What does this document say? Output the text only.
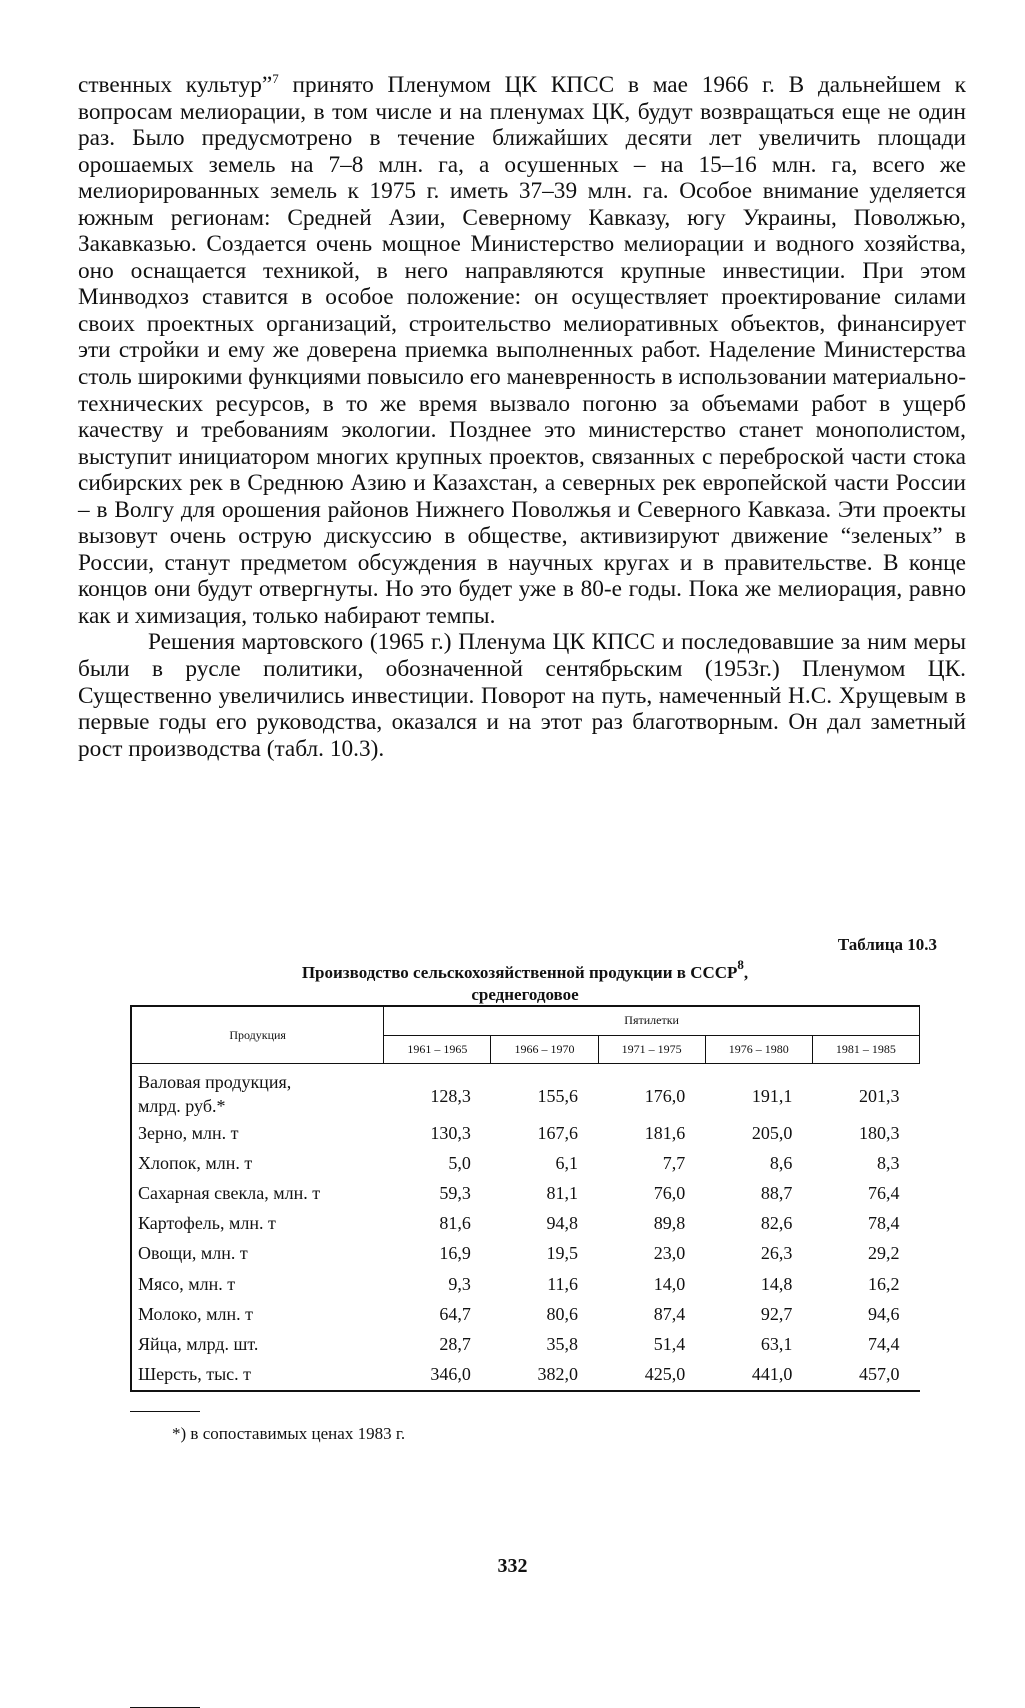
ственных культур”$^7$ принято Пленумом ЦК КПСС в мае 1966 г. В дальнейшем к вопросам мелиорации, в том числе и на пленумах ЦК, будут возвращаться еще не один раз. Было предусмотрено в течение ближайших десяти лет увеличить площади орошаемых земель на 7–8 млн. га, а осушенных – на 15–16 млн. га, всего же мелиорированных земель к 1975 г. иметь 37–39 млн. га. Особое внимание уделяется южным регионам: Средней Азии, Северному Кавказу, югу Украины, Поволжью, Закавказью. Создается очень мощное Министерство мелиорации и водного хозяйства, оно оснащается техникой, в него направляются крупные инвестиции. При этом Минводхоз ставится в особое положение: он осуществляет проектирование силами своих проектных организаций, строительство мелиоративных объектов, финансирует эти стройки и ему же доверена приемка выполненных работ. Наделение Министерства столь широкими функциями повысило его маневренность в использовании материально-технических ресурсов, в то же время вызвало погоню за объемами работ в ущерб качеству и требованиям экологии. Позднее это министерство станет монополистом, выступит инициатором многих крупных проектов, связанных с переброской части стока сибирских рек в Среднюю Азию и Казахстан, а северных рек европейской части России – в Волгу для орошения районов Нижнего Поволжья и Северного Кавказа. Эти проекты вызовут очень острую дискуссию в обществе, активизируют движение “зеленых” в России, станут предметом обсуждения в научных кругах и в правительстве. В конце концов они будут отвергнуты. Но это будет уже в 80-е годы. Пока же мелиорация, равно как и химизация, только набирают темпы.

Решения мартовского (1965 г.) Пленума ЦК КПСС и последовавшие за ним меры были в русле политики, обозначенной сентябрьским (1953г.) Пленумом ЦК. Существенно увеличились инвестиции. Поворот на путь, намеченный Н.С. Хрущевым в первые годы его руководства, оказался и на этот раз благотворным. Он дал заметный рост производства (табл. 10.3).

Таблица 10.3
Производство сельскохозяйственной продукции в СССР$^8$,
среднегодовое
Продукция	Пятилетки				
	1961 – 1965	1966 – 1970	1971 – 1975	1976 – 1980	1981 – 1985
Валовая продукция,
млрд. руб.*	128,3	155,6	176,0	191,1	201,3
Зерно, млн. т	130,3	167,6	181,6	205,0	180,3
Хлопок, млн. т	5,0	6,1	7,7	8,6	8,3
Сахарная свекла, млн. т	59,3	81,1	76,0	88,7	76,4
Картофель, млн. т	81,6	94,8	89,8	82,6	78,4
Овощи, млн. т	16,9	19,5	23,0	26,3	29,2
Мясо, млн. т	9,3	11,6	14,0	14,8	16,2
Молоко, млн. т	64,7	80,6	87,4	92,7	94,6
Яйца, млрд. шт.	28,7	35,8	51,4	63,1	74,4
Шерсть, тыс. т	346,0	382,0	425,0	441,0	457,0
*) в сопоставимых ценах 1983 г.
332
